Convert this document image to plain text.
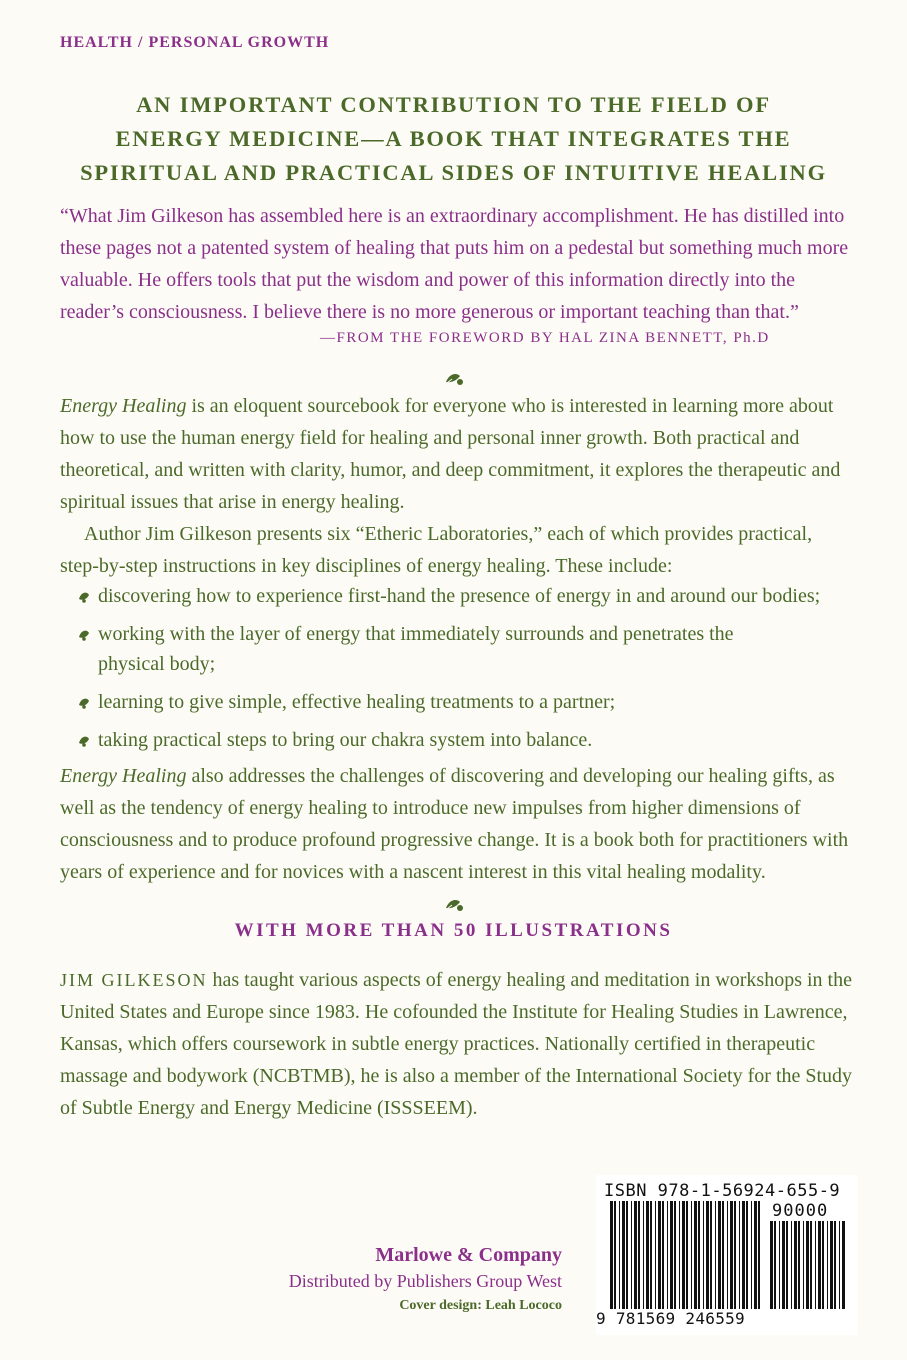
HEALTH / PERSONAL GROWTH
AN IMPORTANT CONTRIBUTION TO THE FIELD OF
ENERGY MEDICINE—A BOOK THAT INTEGRATES THE
SPIRITUAL AND PRACTICAL SIDES OF INTUITIVE HEALING

“What Jim Gilkeson has assembled here is an extraordinary accomplishment. He has distilled into these pages not a patented system of healing that puts him on a pedestal but something much more valuable. He offers tools that put the wisdom and power of this information directly into the reader’s consciousness. I believe there is no more generous or important teaching than that.”

—FROM THE FOREWORD BY HAL ZINA BENNETT, Ph.D

Energy Healing is an eloquent sourcebook for everyone who is interested in learning more about how to use the human energy field for healing and personal inner growth. Both practical and theoretical, and written with clarity, humor, and deep commitment, it explores the therapeutic and spiritual issues that arise in energy healing.

Author Jim Gilkeson presents six “Etheric Laboratories,” each of which provides practical, step-by-step instructions in key disciplines of energy healing. These include:

discovering how to experience first-hand the presence of energy in and around our bodies;
working with the layer of energy that immediately surrounds and penetrates the physical body;
learning to give simple, effective healing treatments to a partner;
taking practical steps to bring our chakra system into balance.

Energy Healing also addresses the challenges of discovering and developing our healing gifts, as well as the tendency of energy healing to introduce new impulses from higher dimensions of consciousness and to produce profound progressive change. It is a book both for practitioners with years of experience and for novices with a nascent interest in this vital healing modality.

WITH MORE THAN 50 ILLUSTRATIONS

JIM GILKESON has taught various aspects of energy healing and meditation in workshops in the United States and Europe since 1983. He cofounded the Institute for Healing Studies in Lawrence, Kansas, which offers coursework in subtle energy practices. Nationally certified in therapeutic massage and bodywork (NCBTMB), he is also a member of the International Society for the Study of Subtle Energy and Energy Medicine (ISSSEEM).

Marlowe & Company
Distributed by Publishers Group West
Cover design: Leah Lococo
ISBN 978-1-56924-655-9
90000
9 781569 246559
